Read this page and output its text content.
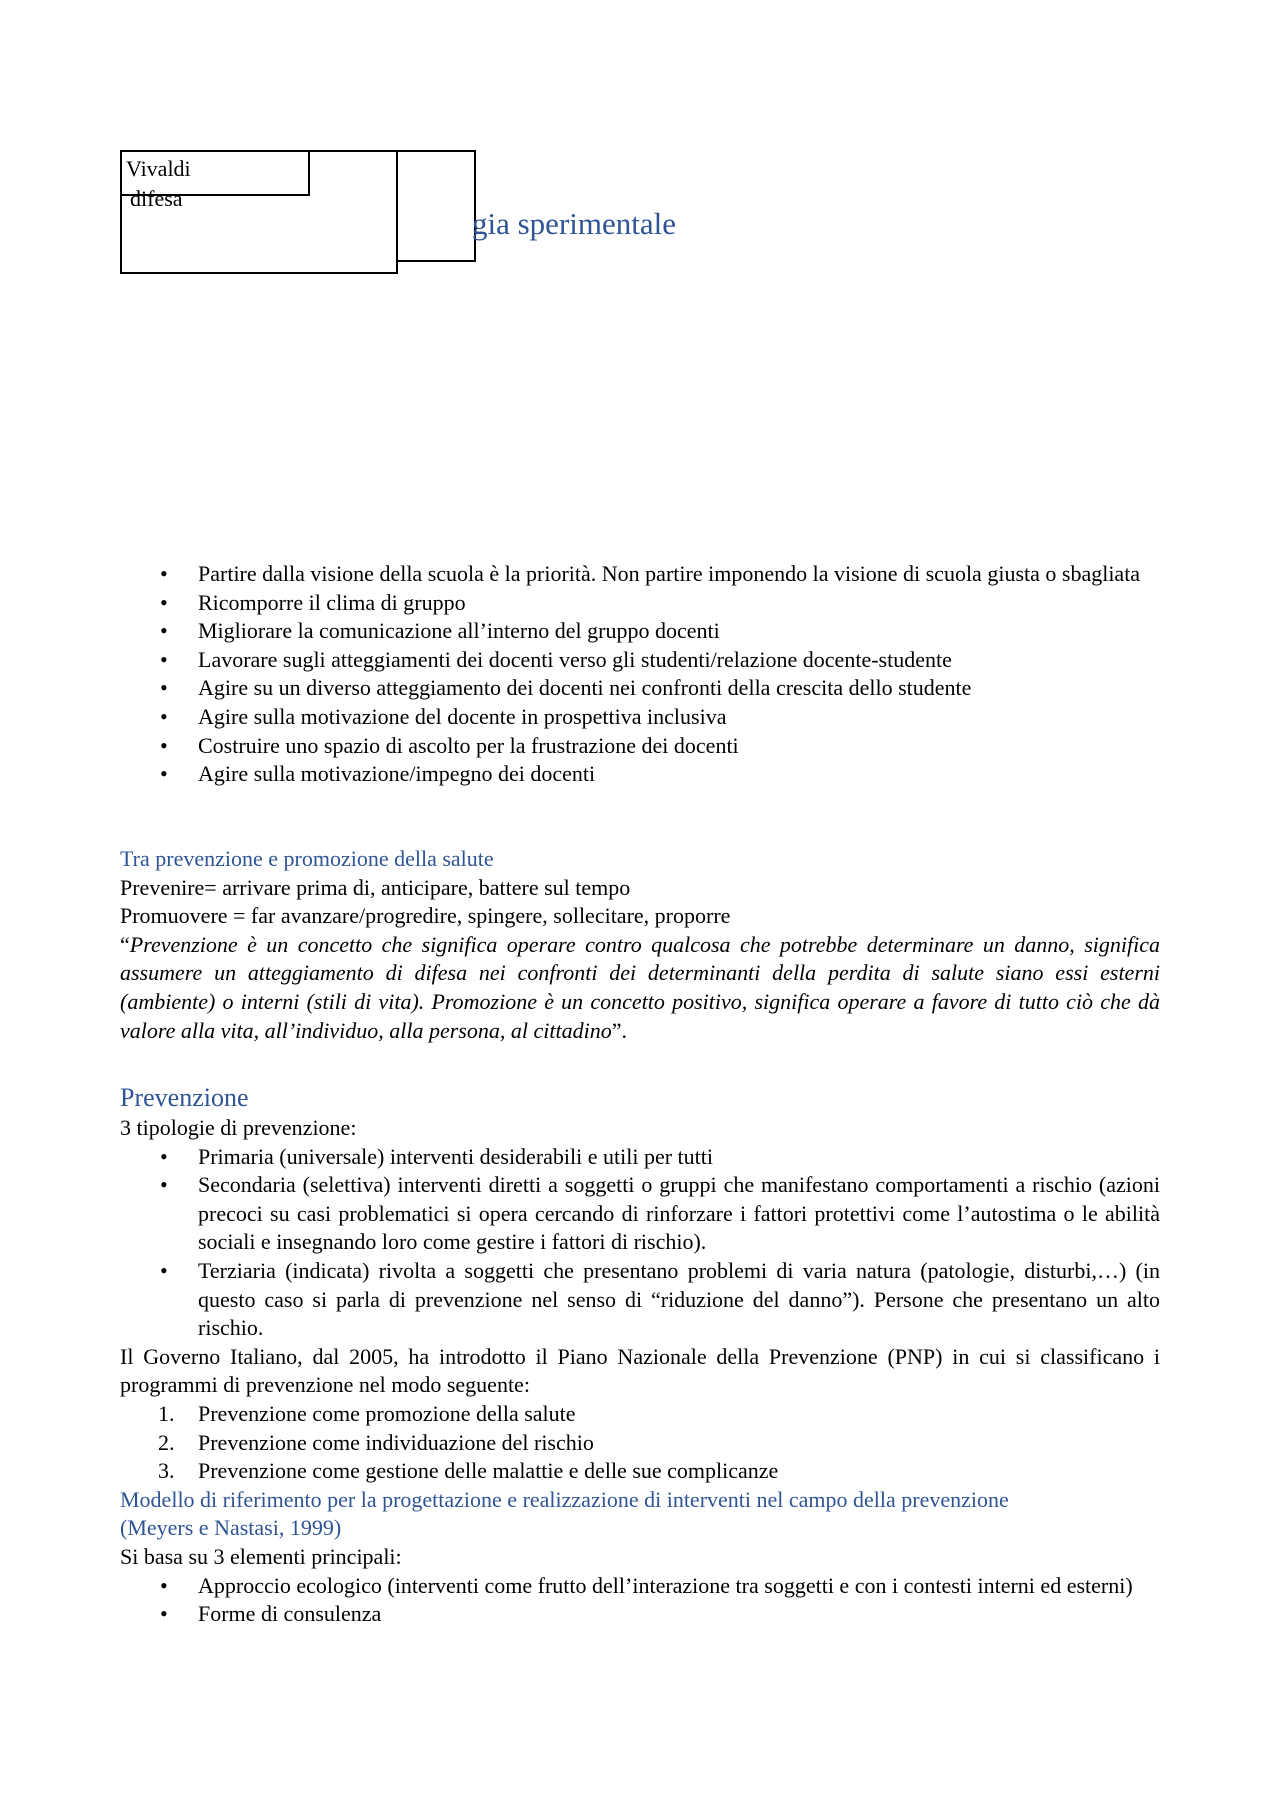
gia sperimentale
Vivaldi
difesa
• Partire dalla visione della scuola è la priorità. Non partire imponendo la visione di scuola giusta o sbagliata
• Ricomporre il clima di gruppo
• Migliorare la comunicazione all’interno del gruppo docenti
• Lavorare sugli atteggiamenti dei docenti verso gli studenti/relazione docente-studente
• Agire su un diverso atteggiamento dei docenti nei confronti della crescita dello studente
• Agire sulla motivazione del docente in prospettiva inclusiva
• Costruire uno spazio di ascolto per la frustrazione dei docenti
• Agire sulla motivazione/impegno dei docenti
Tra prevenzione e promozione della salute
Prevenire= arrivare prima di, anticipare, battere sul tempo
Promuovere = far avanzare/progredire, spingere, sollecitare, proporre
“Prevenzione è un concetto che significa operare contro qualcosa che potrebbe determinare un danno, significa assumere un atteggiamento di difesa nei confronti dei determinanti della perdita di salute siano essi esterni (ambiente) o interni (stili di vita). Promozione è un concetto positivo, significa operare a favore di tutto ciò che dà valore alla vita, all’individuo, alla persona, al cittadino”.
Prevenzione
3 tipologie di prevenzione:
• Primaria (universale) interventi desiderabili e utili per tutti
• Secondaria (selettiva) interventi diretti a soggetti o gruppi che manifestano comportamenti a rischio (azioni precoci su casi problematici si opera cercando di rinforzare i fattori protettivi come l’autostima o le abilità sociali e insegnando loro come gestire i fattori di rischio).
• Terziaria (indicata) rivolta a soggetti che presentano problemi di varia natura (patologie, disturbi,…) (in questo caso si parla di prevenzione nel senso di “riduzione del danno”). Persone che presentano un alto rischio.
Il Governo Italiano, dal 2005, ha introdotto il Piano Nazionale della Prevenzione (PNP) in cui si classificano i programmi di prevenzione nel modo seguente:
1. Prevenzione come promozione della salute
2. Prevenzione come individuazione del rischio
3. Prevenzione come gestione delle malattie e delle sue complicanze
Modello di riferimento per la progettazione e realizzazione di interventi nel campo della prevenzione (Meyers e Nastasi, 1999)
Si basa su 3 elementi principali:
• Approccio ecologico (interventi come frutto dell’interazione tra soggetti e con i contesti interni ed esterni)
• Forme di consulenza
